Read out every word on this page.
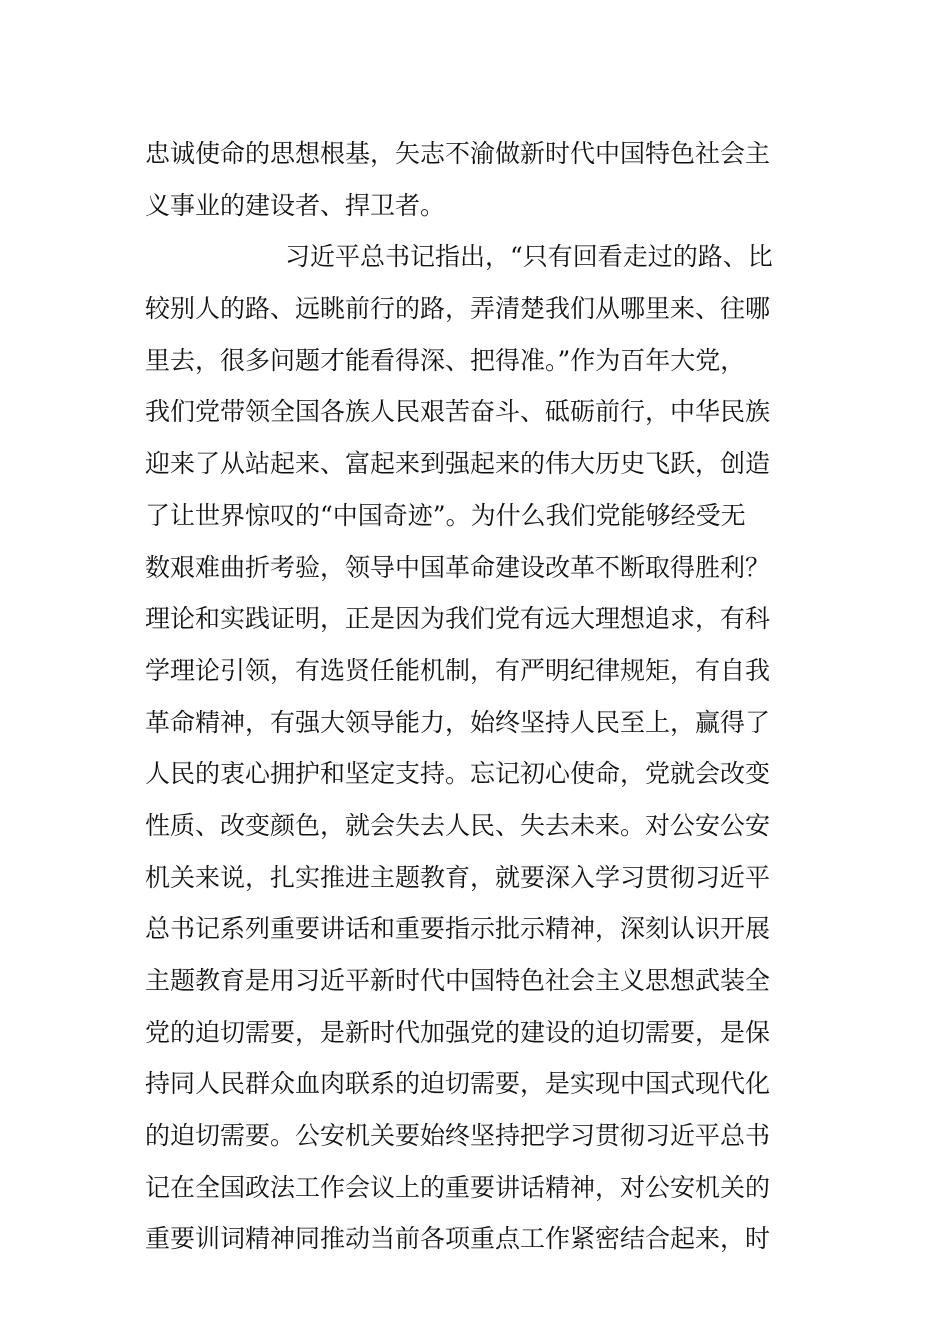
忠诚使命的思想根基，矢志不渝做新时代中国特色社会主
义事业的建设者、捍卫者。
习近平总书记指出，“只有回看走过的路、比
较别人的路、远眺前行的路，弄清楚我们从哪里来、往哪
里去，很多问题才能看得深、把得准。”作为百年大党，
我们党带领全国各族人民艰苦奋斗、砥砺前行，中华民族
迎来了从站起来、富起来到强起来的伟大历史飞跃，创造
了让世界惊叹的“中国奇迹”。为什么我们党能够经受无
数艰难曲折考验，领导中国革命建设改革不断取得胜利？
理论和实践证明，正是因为我们党有远大理想追求，有科
学理论引领，有选贤任能机制，有严明纪律规矩，有自我
革命精神，有强大领导能力，始终坚持人民至上，赢得了
人民的衷心拥护和坚定支持。忘记初心使命，党就会改变
性质、改变颜色，就会失去人民、失去未来。对公安公安
机关来说，扎实推进主题教育，就要深入学习贯彻习近平
总书记系列重要讲话和重要指示批示精神，深刻认识开展
主题教育是用习近平新时代中国特色社会主义思想武装全
党的迫切需要，是新时代加强党的建设的迫切需要，是保
持同人民群众血肉联系的迫切需要，是实现中国式现代化
的迫切需要。公安机关要始终坚持把学习贯彻习近平总书
记在全国政法工作会议上的重要讲话精神，对公安机关的
重要训词精神同推动当前各项重点工作紧密结合起来，时
